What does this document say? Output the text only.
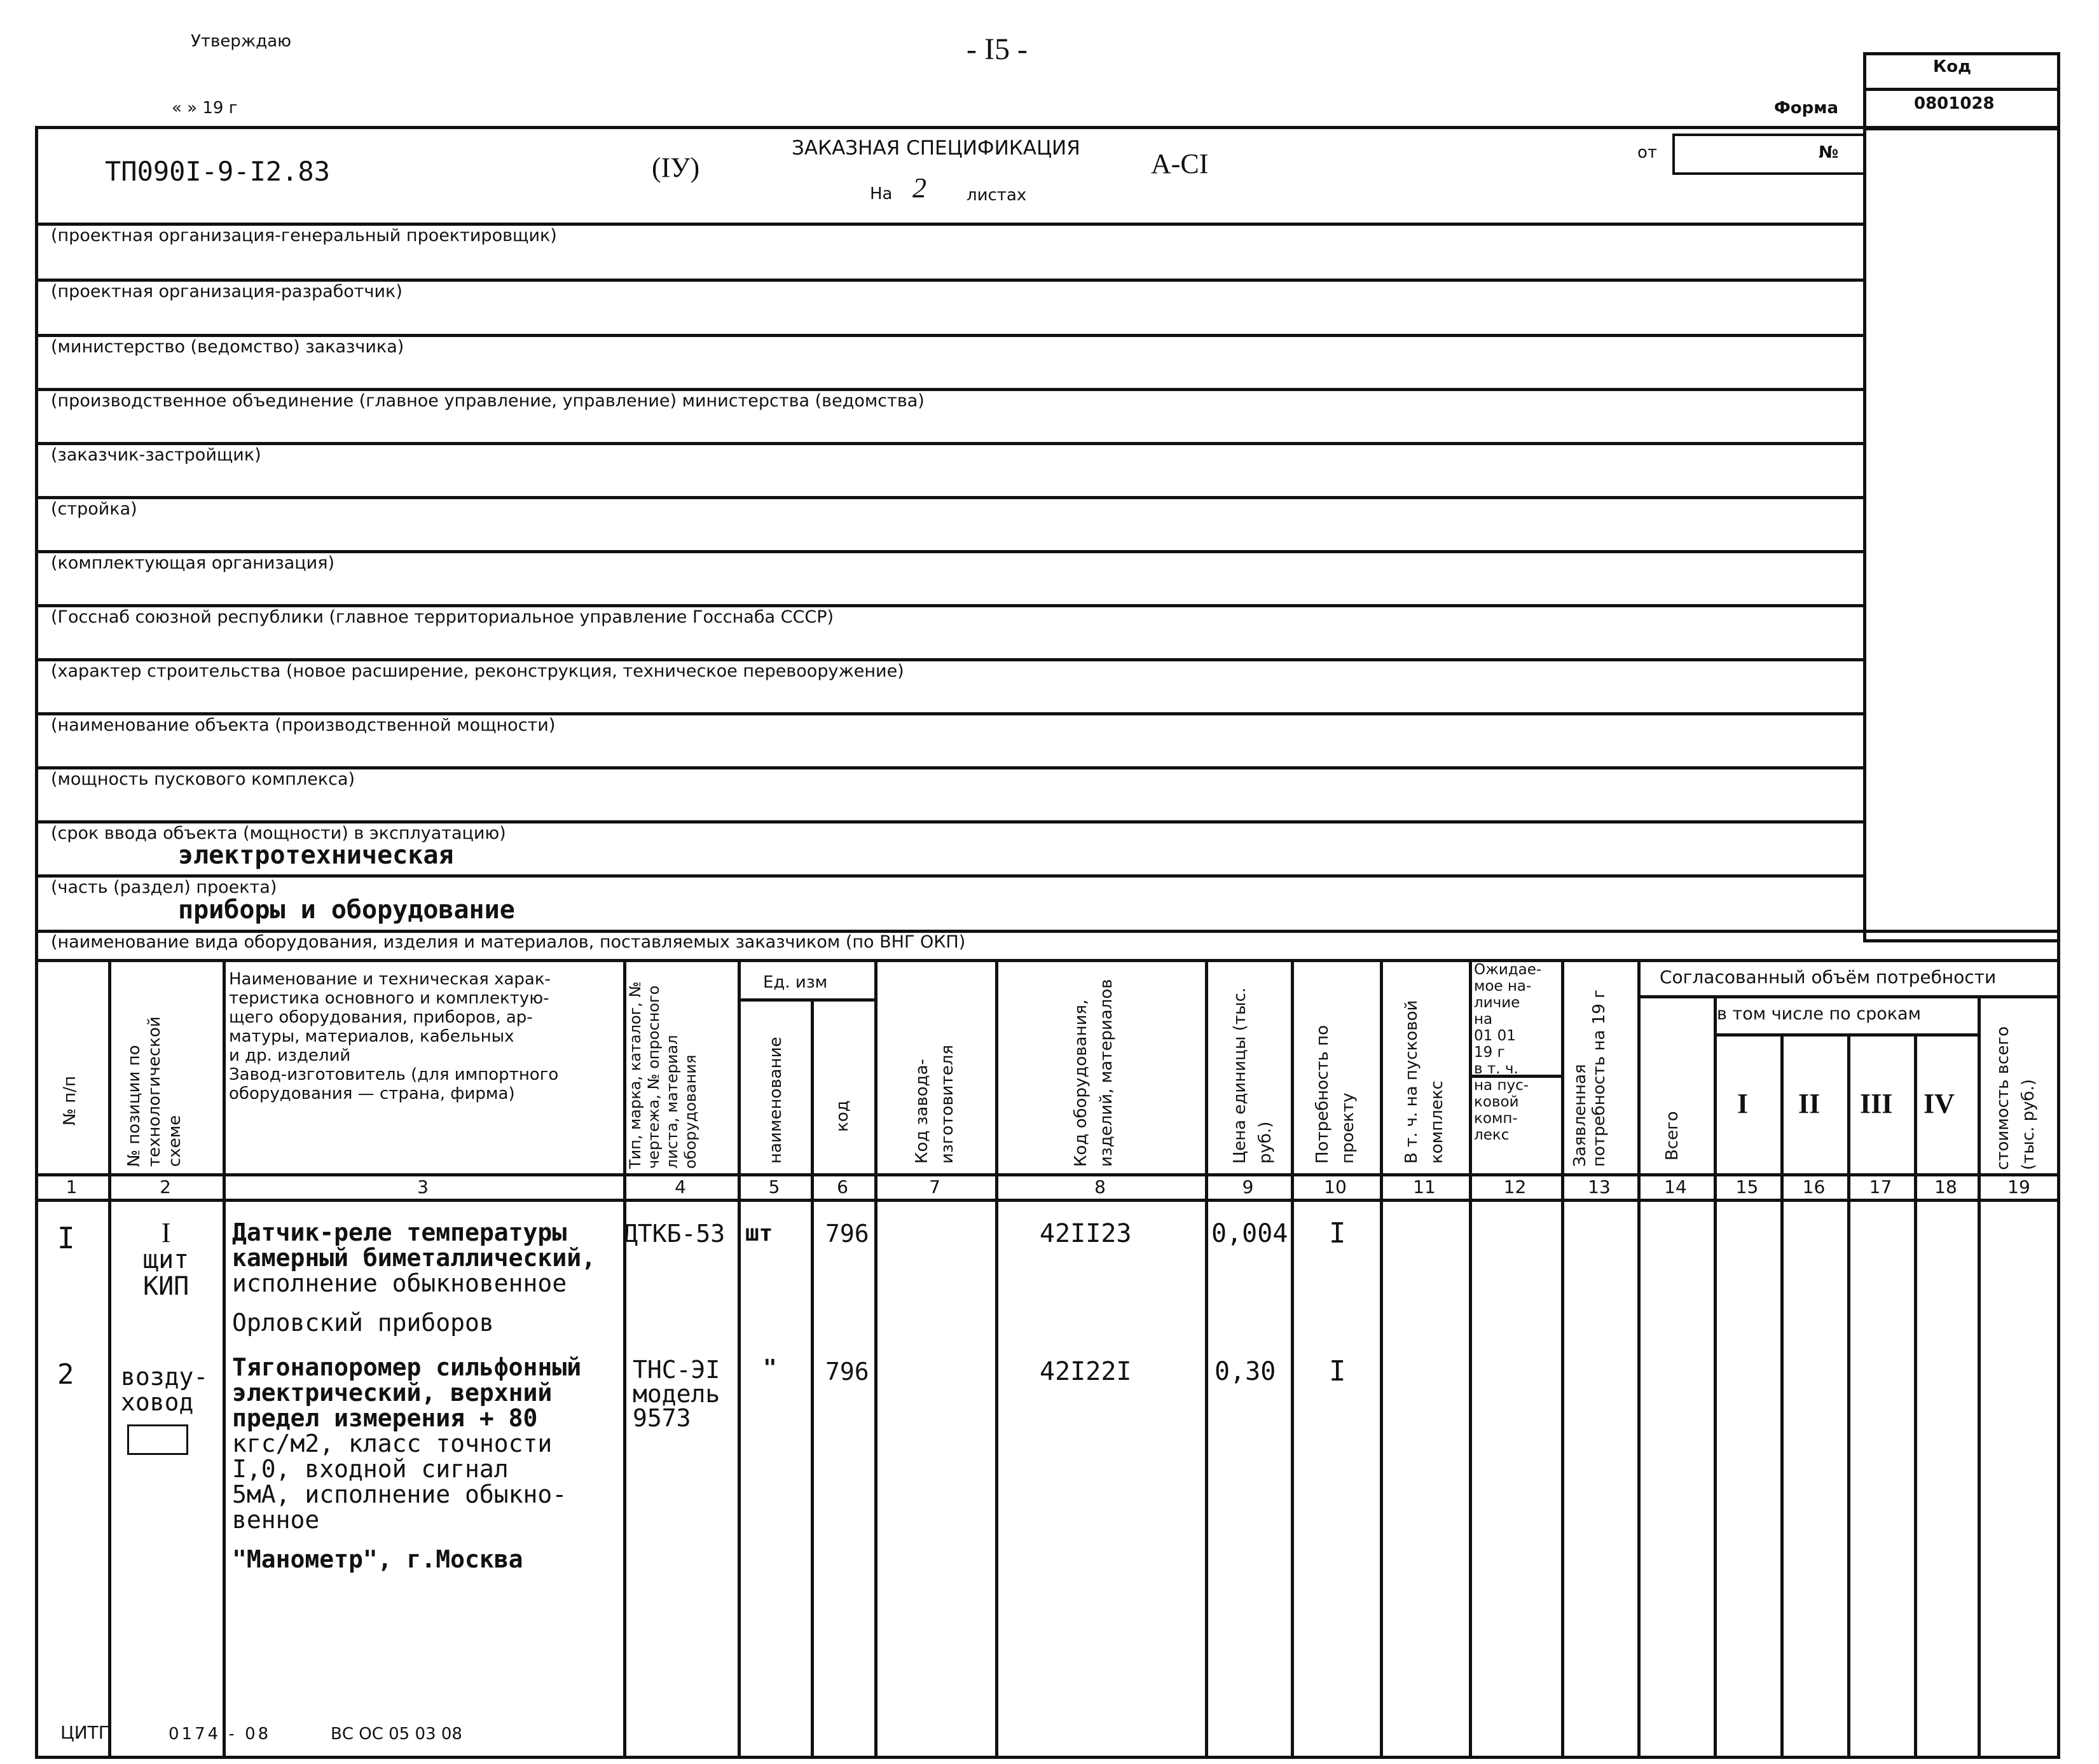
Утверждаю
« » 19 г
- I5 -
Код
Форма	0801028
от	№
ТП090I-9-I2.83	(IУ)
ЗАКАЗНАЯ СПЕЦИФИКАЦИЯ	А-СI
На 2 листах
(проектная организация-генеральный проектировщик)
(проектная организация-разработчик)
(министерство (ведомство) заказчика)
(производственное объединение (главное управление, управление) министерства (ведомства)
(заказчик-застройщик)
(стройка)
(комплектующая организация)
(Госснаб союзной республики (главное территориальное управление Госснаба СССР)
(характер строительства (новое расширение, реконструкция, техническое перевооружение)
(наименование объекта (производственной мощности)
(мощность пускового комплекса)
(срок ввода объекта (мощности) в эксплуатацию)
электротехническая
(часть (раздел) проекта)
приборы и оборудование
(наименование вида оборудования, изделия и материалов, поставляемых заказчиком (по ВНГ ОКП)
№ п/п	№ позиции по технологической схеме
Наименование и техническая харак-
теристика основного и комплектую-
щего оборудования, приборов, ар-
матуры, материалов, кабельных
и др. изделий
Завод-изготовитель (для импортного
оборудования — страна, фирма)	Тип, марка, каталог, № чертежа, № опросного листа, материал оборудования
Ед. изм
наименование	код	Код завода-изготовителя	Код оборудования, изделий, материалов	Цена единицы (тыс. руб.) Потребность по проекту	В т. ч. на пусковой комплекс
Ожидае-
мое на-
личие
на
01 01
19 г
в т. ч.
на пус-
ковой
комп-
лекс	Заявленная потребность на 19 г	Всего
Согласованный объём потребности
в том числе по срокам
I II III IV стоимость всего (тыс. руб.)
1	2	3	4	5	6	7	8	9	10	11	12	13	14	15	16	17	18	19
I	I
щит
КИП
Датчик-реле температуры
камерный биметаллический,
исполнение обыкновенное
Орловский приборов
ДТКБ-53 шт 796	42II23	0,004 I
2 возду-
ховод
Тягонапоромер сильфонный
электрический, верхний
предел измерения + 80
кгс/м2, класс точности
I,0, входной сигнал
5мА, исполнение обыкно-
венное
"Манометр", г.Москва
ТНС-ЭI
модель
9573
" 796	42I22I	0,30 I
ЦИТП	0174 - 08	ВС ОС 05 03 08
